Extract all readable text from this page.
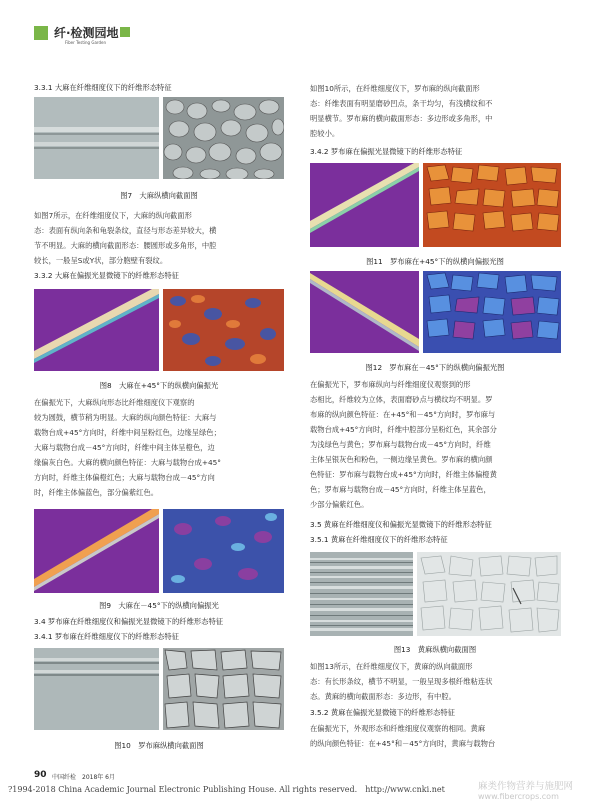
纤·检测园地
Fiber Testing Garden
3.3.1 大麻在纤维细度仪下的纤维形态特征
图7　大麻纵横向截面图
如图7所示，在纤维细度仪下，大麻的纵向截面形
态：表面有纵向条和龟裂条纹，直径与形态差异较大，横
节不明显。大麻的横向截面形态：腰圆形或多角形，中腔
较长，一般呈S或Y状，部分胞壁有裂纹。
3.3.2 大麻在偏振光显微镜下的纤维形态特征
图8　大麻在+45°下的纵横向偏振光
在偏振光下，大麻纵向形态比纤维细度仪下观察的
较为圆鼓，横节稍为明显。大麻的纵向颜色特征：大麻与
载物台成+45°方向时，纤维中间呈粉红色，边缘呈绿色；
大麻与载物台成－45°方向时，纤维中间主体呈橙色，边
缘偏灰白色。大麻的横向颜色特征：大麻与载物台成+45°
方向时，纤维主体偏橙红色；大麻与载物台成－45°方向
时，纤维主体偏蓝色，部分偏紫红色。
图9　大麻在－45°下的纵横向偏振光
3.4 罗布麻在纤维细度仪和偏振光显微镜下的纤维形态特征
3.4.1 罗布麻在纤维细度仪下的纤维形态特征
图10　罗布麻纵横向截面图
如图10所示，在纤维细度仪下，罗布麻的纵向截面形
态：纤维表面有明显磨砂凹点，条干均匀，有浅横纹和不
明显横节。罗布麻的横向截面形态：多边形或多角形，中
腔较小。
3.4.2 罗布麻在偏振光显微镜下的纤维形态特征
图11　罗布麻在+45°下的纵横向偏振光图
图12　罗布麻在－45°下的纵横向偏振光图
在偏振光下，罗布麻纵向与纤维细度仪观察到的形
态相比，纤维较为立体，表面磨砂点与横纹均不明显。罗
布麻的纵向颜色特征：在+45°和－45°方向时，罗布麻与
载物台成+45°方向时，纤维中腔部分呈粉红色，其余部分
为浅绿色与黄色；罗布麻与载物台成－45°方向时，纤维
主体呈银灰色和粉色，一侧边缘呈黄色。罗布麻的横向颜
色特征：罗布麻与载物台成+45°方向时，纤维主体偏橙黄
色；罗布麻与载物台成－45°方向时，纤维主体呈蓝色，
少部分偏紫红色。
3.5 黄麻在纤维细度仪和偏振光显微镜下的纤维形态特征
3.5.1 黄麻在纤维细度仪下的纤维形态特征
图13　黄麻纵横向截面图
如图13所示，在纤维细度仪下，黄麻的纵向截面形
态：有长形条纹，横节不明显，一般呈现多根纤维粘连状
态。黄麻的横向截面形态：多边形，有中腔。
3.5.2 黄麻在偏振光显微镜下的纤维形态特征
在偏振光下，外观形态和纤维细度仪观察的相同。黄麻
的纵向颜色特征：在+45°和－45°方向时，黄麻与载物台
90 中国纤检　2018年 6月
?1994-2018 China Academic Journal Electronic Publishing House. All rights reserved.　http://www.cnki.net	麻类作物营养与施肥网
www.fibercrops.com
